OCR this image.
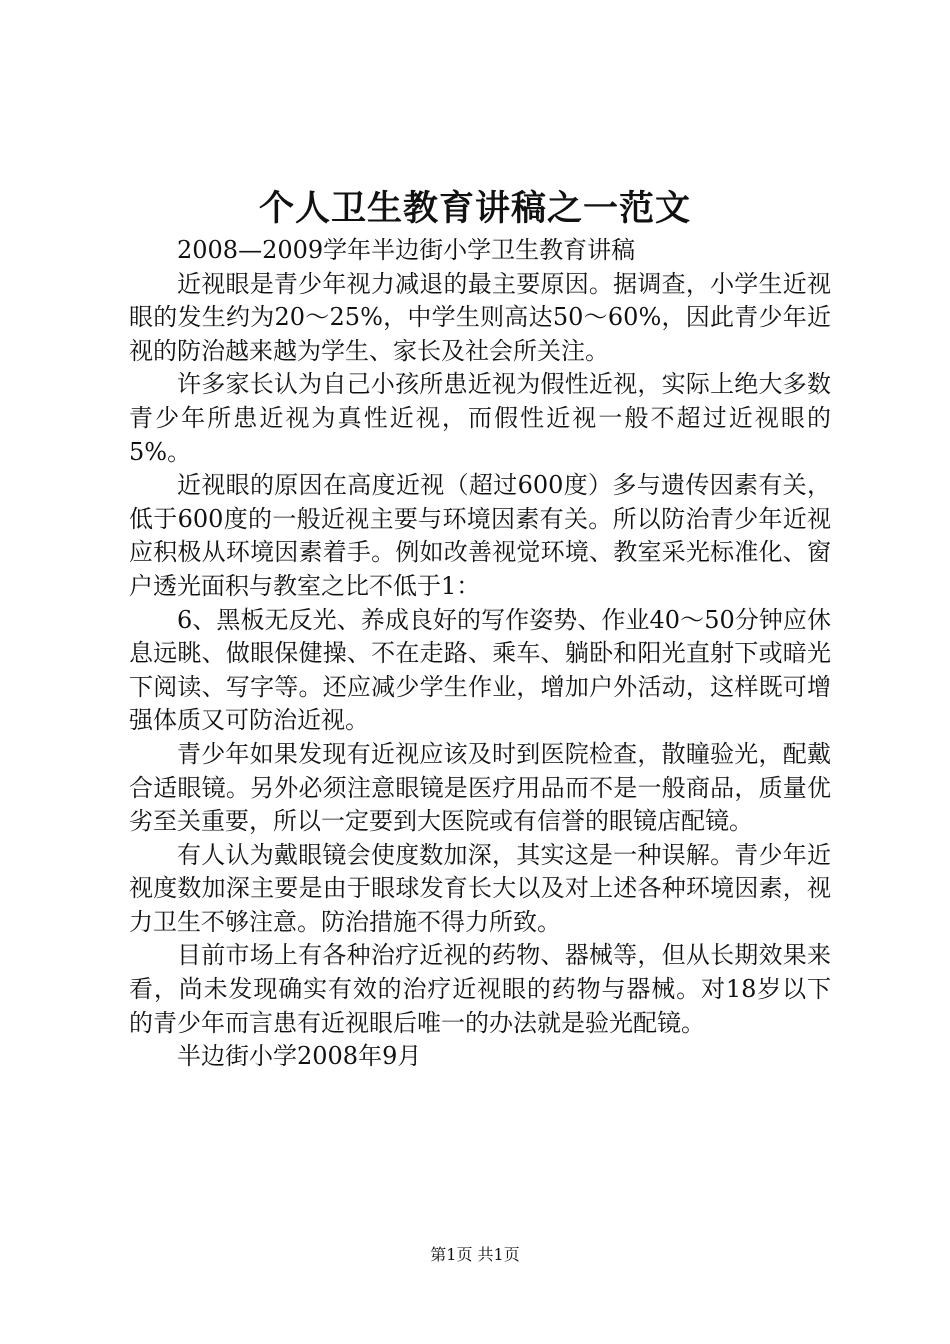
个人卫生教育讲稿之一范文

2008—2009学年半边街小学卫生教育讲稿

近视眼是青少年视力减退的最主要原因。据调查，小学生近视眼的发生约为20～25%，中学生则高达50～60%，因此青少年近视的防治越来越为学生、家长及社会所关注。

许多家长认为自己小孩所患近视为假性近视，实际上绝大多数青少年所患近视为真性近视，而假性近视一般不超过近视眼的5%。

近视眼的原因在高度近视（超过600度）多与遗传因素有关，低于600度的一般近视主要与环境因素有关。所以防治青少年近视应积极从环境因素着手。例如改善视觉环境、教室采光标准化、窗户透光面积与教室之比不低于1：

6、黑板无反光、养成良好的写作姿势、作业40～50分钟应休息远眺、做眼保健操、不在走路、乘车、躺卧和阳光直射下或暗光下阅读、写字等。还应减少学生作业，增加户外活动，这样既可增强体质又可防治近视。

青少年如果发现有近视应该及时到医院检查，散瞳验光，配戴合适眼镜。另外必须注意眼镜是医疗用品而不是一般商品，质量优劣至关重要，所以一定要到大医院或有信誉的眼镜店配镜。

有人认为戴眼镜会使度数加深，其实这是一种误解。青少年近视度数加深主要是由于眼球发育长大以及对上述各种环境因素，视力卫生不够注意。防治措施不得力所致。

目前市场上有各种治疗近视的药物、器械等，但从长期效果来看，尚未发现确实有效的治疗近视眼的药物与器械。对18岁以下的青少年而言患有近视眼后唯一的办法就是验光配镜。

半边街小学2008年9月

第1页 共1页
